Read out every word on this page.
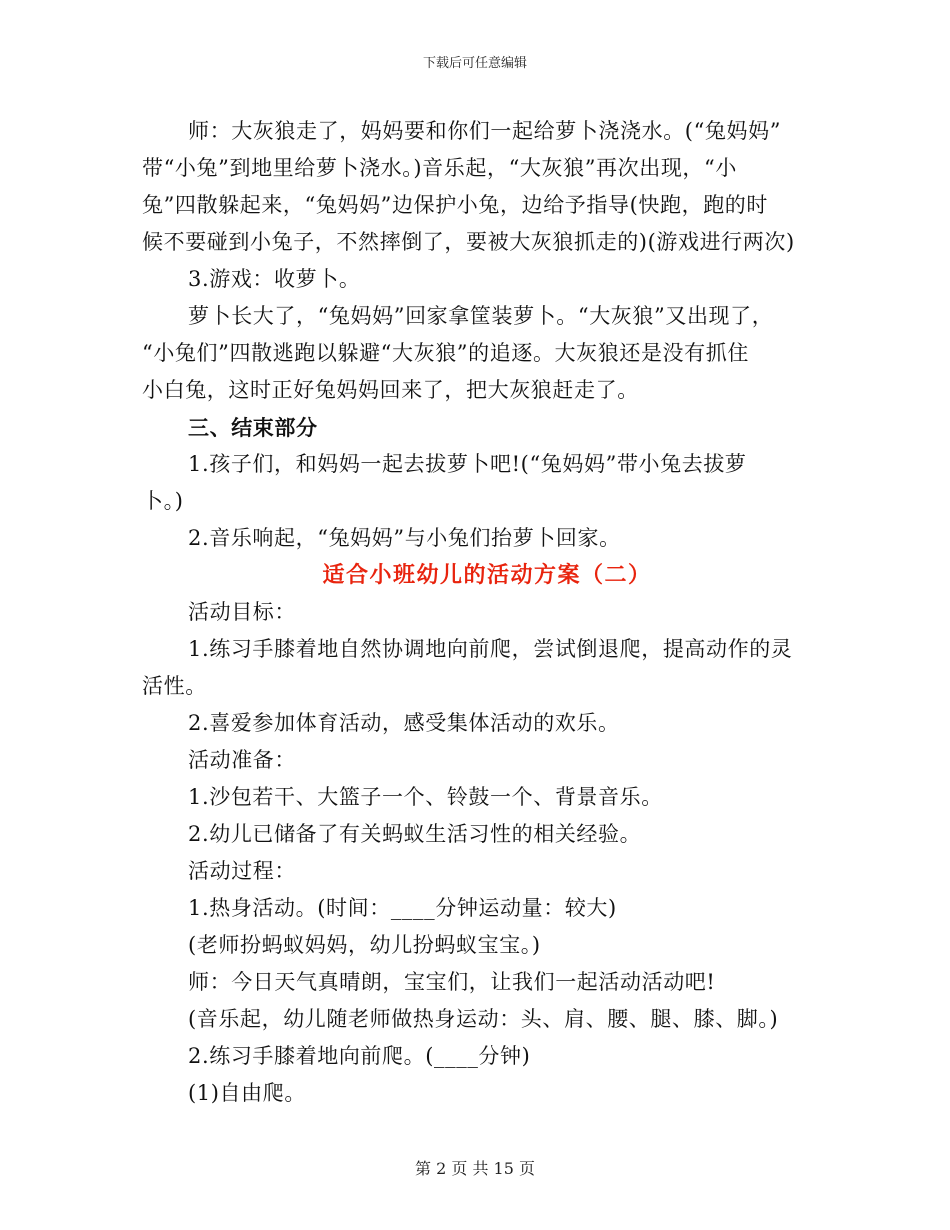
下载后可任意编辑
师：大灰狼走了，妈妈要和你们一起给萝卜浇浇水。(“兔妈妈”
带“小兔”到地里给萝卜浇水。)音乐起，“大灰狼”再次出现，“小
兔”四散躲起来，“兔妈妈”边保护小兔，边给予指导(快跑，跑的时
候不要碰到小兔子，不然摔倒了，要被大灰狼抓走的)(游戏进行两次)
3.游戏：收萝卜。
萝卜长大了，“兔妈妈”回家拿筐装萝卜。“大灰狼”又出现了，
“小兔们”四散逃跑以躲避“大灰狼”的追逐。大灰狼还是没有抓住
小白兔，这时正好兔妈妈回来了，把大灰狼赶走了。
三、结束部分
1.孩子们，和妈妈一起去拔萝卜吧!(“兔妈妈”带小兔去拔萝
卜。)
2.音乐响起，“兔妈妈”与小兔们抬萝卜回家。
适合小班幼儿的活动方案（二）
活动目标：
1.练习手膝着地自然协调地向前爬，尝试倒退爬，提高动作的灵
活性。
2.喜爱参加体育活动，感受集体活动的欢乐。
活动准备：
1.沙包若干、大篮子一个、铃鼓一个、背景音乐。
2.幼儿已储备了有关蚂蚁生活习性的相关经验。
活动过程：
1.热身活动。(时间：____分钟运动量：较大)
(老师扮蚂蚁妈妈，幼儿扮蚂蚁宝宝。)
师：今日天气真晴朗，宝宝们，让我们一起活动活动吧!
(音乐起，幼儿随老师做热身运动：头、肩、腰、腿、膝、脚。)
2.练习手膝着地向前爬。(____分钟)
(1)自由爬。
第 2 页 共 15 页
